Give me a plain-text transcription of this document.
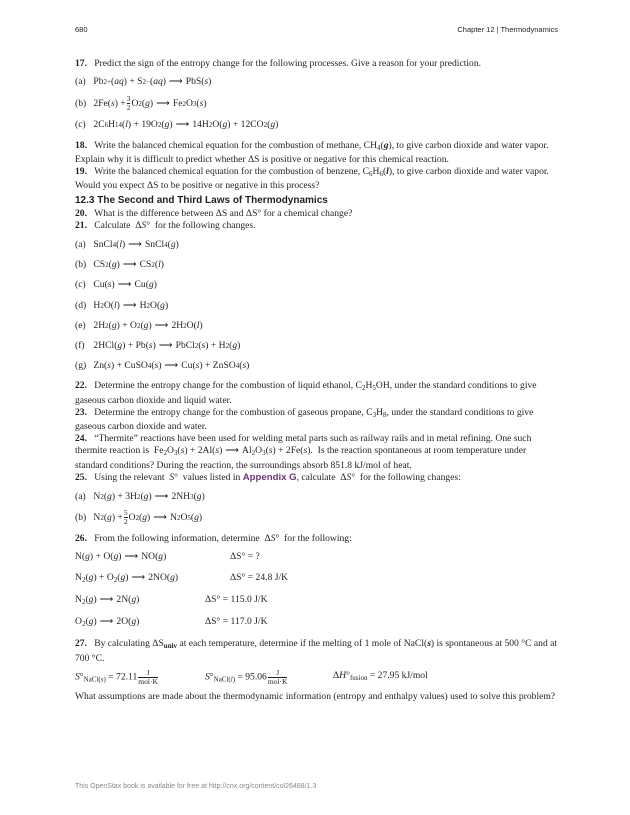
680	Chapter 12 | Thermodynamics

17. Predict the sign of the entropy change for the following processes. Give a reason for your prediction.

(a) Pb 2+ ( aq ) + S 2− ( aq ) ⟶ PbS( s )

(b) 2Fe( s ) + $\frac{3}{2}$ O 2 ( g ) ⟶ Fe 2 O 3 ( s )

(c) 2C 6 H 14 ( l ) + 19O 2 ( g ) ⟶ 14H 2 O( g ) + 12CO 2 ( g )

18. Write the balanced chemical equation for the combustion of methane, $CH_4(g)$, to give carbon dioxide and water vapor. Explain why it is difficult to predict whether ΔS is positive or negative for this chemical reaction.

19. Write the balanced chemical equation for the combustion of benzene, $C_6H_6(l)$, to give carbon dioxide and water vapor. Would you expect ΔS to be positive or negative in this process?

12.3 The Second and Third Laws of Thermodynamics

20. What is the difference between ΔS and ΔS° for a chemical change?

21. Calculate  ΔS°  for the following changes.

(a) SnCl 4 ( l ) ⟶ SnCl 4 ( g )

(b) CS 2 ( g ) ⟶ CS 2 ( l )

(c) Cu( s ) ⟶ Cu( g )

(d) H 2 O( l ) ⟶ H 2 O( g )

(e) 2H 2 ( g ) + O 2 ( g ) ⟶ 2H 2 O( l )

(f) 2HCl( g ) + Pb( s ) ⟶ PbCl 2 ( s ) + H 2 ( g )

(g) Zn( s ) + CuSO 4 ( s ) ⟶ Cu( s ) + ZnSO 4 ( s )

22. Determine the entropy change for the combustion of liquid ethanol, $C_2H_5OH$, under the standard conditions to give gaseous carbon dioxide and liquid water.

23. Determine the entropy change for the combustion of gaseous propane, $C_3H_8$, under the standard conditions to give gaseous carbon dioxide and water.

24. “Thermite” reactions have been used for welding metal parts such as railway rails and in metal refining. One such thermite reaction is  $Fe_2O_3(s) + 2Al(s)$ ⟶ $Al_2O_3(s) + 2Fe(s)$.  Is the reaction spontaneous at room temperature under standard conditions? During the reaction, the surroundings absorb 851.8 kJ/mol of heat.

25. Using the relevant S°  values listed in Appendix G, calculate  ΔS°  for the following changes:

(a) N 2 ( g ) + 3H 2 ( g ) ⟶ 2NH 3 ( g )

(b) N 2 ( g ) + $\frac{5}{2}$ O 2 ( g ) ⟶ N 2 O 5 ( g )

26. From the following information, determine  ΔS°  for the following:

N(g) + O(g) ⟶ NO(g)	ΔS° = ?
$N_2(g) + O_2(g)$ ⟶ 2NO(g)	ΔS° = 24.8 J/K
$N_2(g)$ ⟶ 2N(g)	ΔS° = 115.0 J/K
$O_2(g)$ ⟶ 2O(g)	ΔS° = 117.0 J/K

27. By calculating $\Delta S_{univ}$ at each temperature, determine if the melting of 1 mole of NaCl(s) is spontaneous at 500 °C and at 700 °C.

$S^\circ_{NaCl(s)} = 72.11 \frac{J}{\text{mol·K}}$	$S^\circ_{NaCl(l)} = 95.06 \frac{J}{\text{mol·K}}$	$\Delta H^\circ_{fusion} = 27.95$ kJ/mol

What assumptions are made about the thermodynamic information (entropy and enthalpy values) used to solve this problem?

This OpenStax book is available for free at http://cnx.org/content/col26488/1.3
